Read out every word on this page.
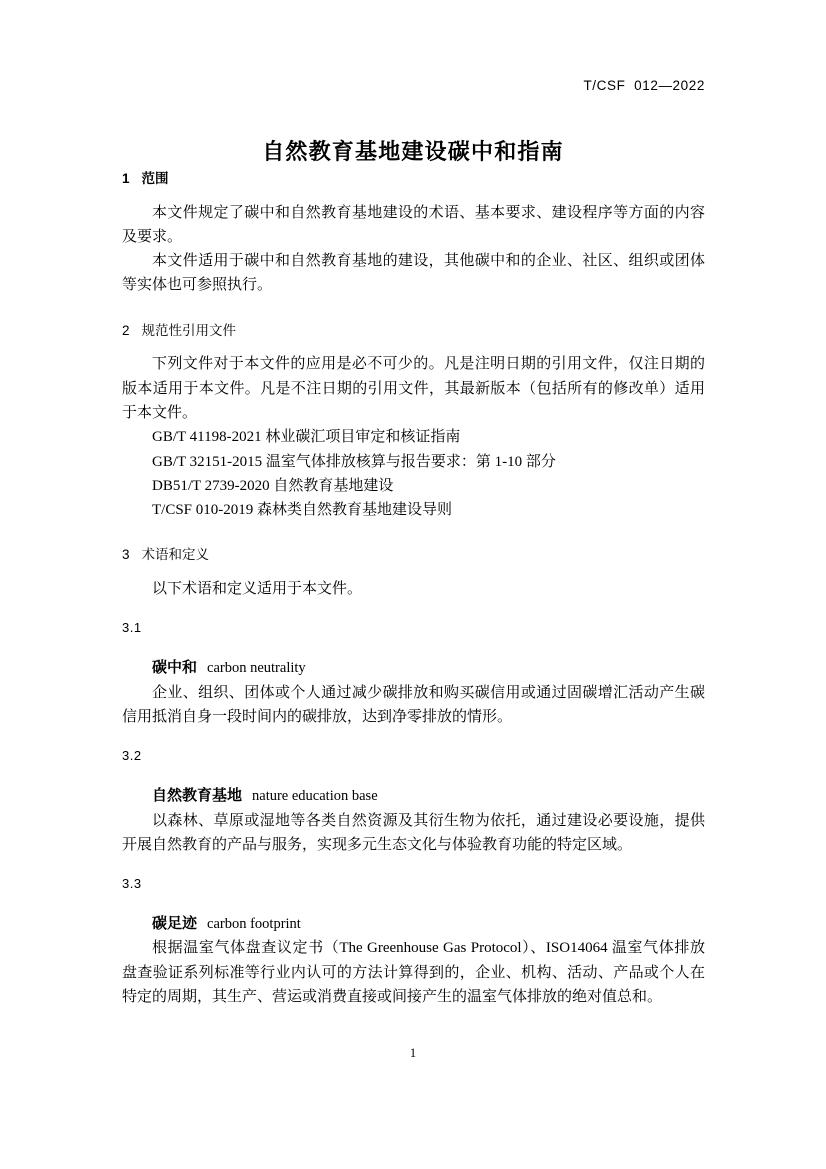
T/CSF  012—2022
自然教育基地建设碳中和指南
1 范围

本文件规定了碳中和自然教育基地建设的术语、基本要求、建设程序等方面的内容及要求。

本文件适用于碳中和自然教育基地的建设，其他碳中和的企业、社区、组织或团体等实体也可参照执行。

2 规范性引用文件

下列文件对于本文件的应用是必不可少的。凡是注明日期的引用文件，仅注日期的版本适用于本文件。凡是不注日期的引用文件，其最新版本（包括所有的修改单）适用于本文件。

GB/T 41198-2021 林业碳汇项目审定和核证指南

GB/T 32151-2015 温室气体排放核算与报告要求：第 1-10 部分

DB51/T 2739-2020 自然教育基地建设

T/CSF 010-2019 森林类自然教育基地建设导则

3 术语和定义

以下术语和定义适用于本文件。

3.1

碳中和 carbon neutrality

企业、组织、团体或个人通过减少碳排放和购买碳信用或通过固碳增汇活动产生碳信用抵消自身一段时间内的碳排放，达到净零排放的情形。

3.2

自然教育基地 nature education base

以森林、草原或湿地等各类自然资源及其衍生物为依托，通过建设必要设施，提供开展自然教育的产品与服务，实现多元生态文化与体验教育功能的特定区域。

3.3

碳足迹 carbon footprint

根据温室气体盘查议定书（The Greenhouse Gas Protocol）、ISO14064 温室气体排放盘查验证系列标准等行业内认可的方法计算得到的，企业、机构、活动、产品或个人在特定的周期，其生产、营运或消费直接或间接产生的温室气体排放的绝对值总和。

1
